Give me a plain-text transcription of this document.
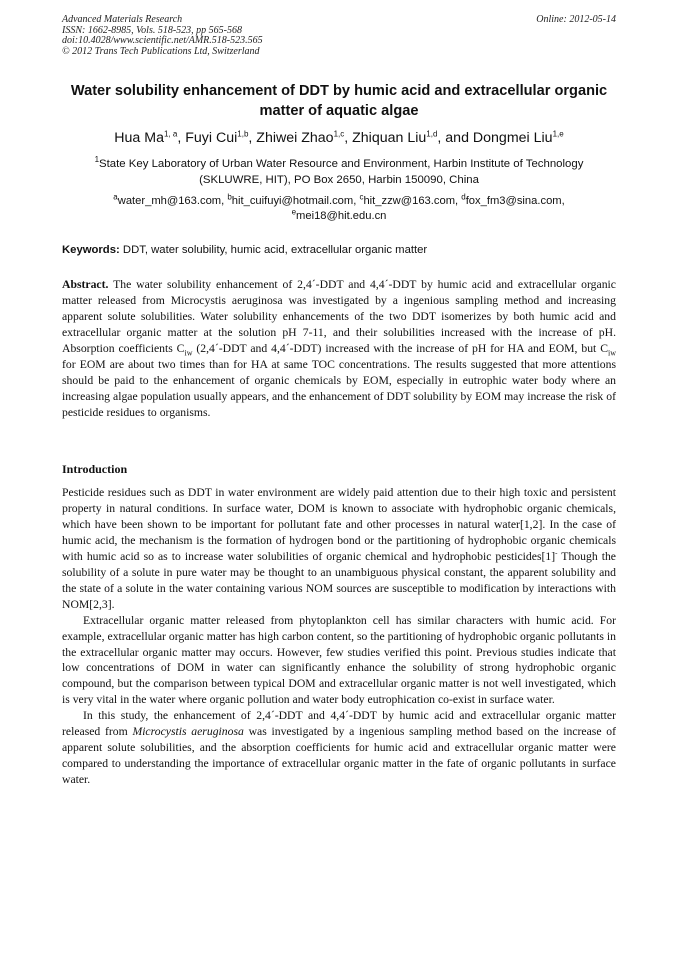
Advanced Materials Research
ISSN: 1662-8985, Vols. 518-523, pp 565-568
doi:10.4028/www.scientific.net/AMR.518-523.565
© 2012 Trans Tech Publications Ltd, Switzerland
Online: 2012-05-14
Water solubility enhancement of DDT by humic acid and extracellular organic matter of aquatic algae
Hua Ma$^{1, a}$, Fuyi Cui$^{1,b}$, Zhiwei Zhao$^{1,c}$, Zhiquan Liu$^{1,d}$, and Dongmei Liu$^{1,e}$
$^1$State Key Laboratory of Urban Water Resource and Environment, Harbin Institute of Technology (SKLUWRE, HIT), PO Box 2650, Harbin 150090, China
$^a$water_mh@163.com, $^b$hit_cuifuyi@hotmail.com, $^c$hit_zzw@163.com, $^d$fox_fm3@sina.com,
$^e$mei18@hit.edu.cn
Keywords: DDT, water solubility, humic acid, extracellular organic matter
Abstract. The water solubility enhancement of 2,4´-DDT and 4,4´-DDT by humic acid and extracellular organic matter released from Microcystis aeruginosa was investigated by a ingenious sampling method and increasing apparent solute solubilities. Water solubility enhancements of the two DDT isomerizes by both humic acid and extracellular organic matter at the solution pH 7-11, and their solubilities increased with the increase of pH. Absorption coefficients $C_{iw}$ (2,4´-DDT and 4,4´-DDT) increased with the increase of pH for HA and EOM, but $C_{iw}$ for EOM are about two times than for HA at same TOC concentrations. The results suggested that more attentions should be paid to the enhancement of organic chemicals by EOM, especially in eutrophic water body where an increasing algae population usually appears, and the enhancement of DDT solubility by EOM may increase the risk of pesticide residues to organisms.
Introduction

Pesticide residues such as DDT in water environment are widely paid attention due to their high toxic and persistent property in natural conditions. In surface water, DOM is known to associate with hydrophobic organic chemicals, which have been shown to be important for pollutant fate and other processes in natural water[1,2]. In the case of humic acid, the mechanism is the formation of hydrogen bond or the partitioning of hydrophobic organic chemicals with humic acid so as to increase water solubilities of organic chemical and hydrophobic pesticides[1]- Though the solubility of a solute in pure water may be thought to an unambiguous physical constant, the apparent solubility and the state of a solute in the water containing various NOM sources are susceptible to modification by interactions with NOM[2,3].

Extracellular organic matter released from phytoplankton cell has similar characters with humic acid. For example, extracellular organic matter has high carbon content, so the partitioning of hydrophobic organic pollutants in the extracellular organic matter may occurs. However, few studies verified this point. Previous studies indicate that low concentrations of DOM in water can significantly enhance the solubility of strong hydrophobic organic compound, but the comparison between typical DOM and extracellular organic matter is not well investigated, which is very vital in the water where organic pollution and water body eutrophication co-exist in surface water.

In this study, the enhancement of 2,4´-DDT and 4,4´-DDT by humic acid and extracellular organic matter released from Microcystis aeruginosa was investigated by a ingenious sampling method based on the increase of apparent solute solubilities, and the absorption coefficients for humic acid and extracellular organic matter were compared to understanding the importance of extracellular organic matter in the fate of organic pollutants in surface water.
